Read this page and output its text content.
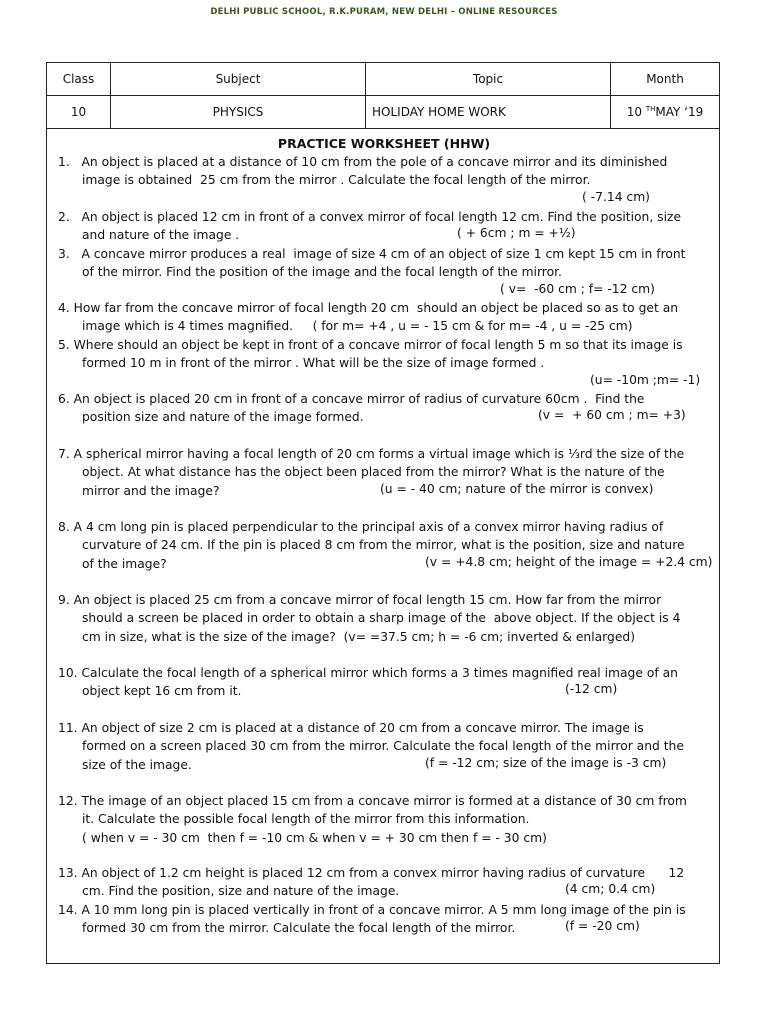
DELHI PUBLIC SCHOOL, R.K.PURAM, NEW DELHI – ONLINE RESOURCES
Class	Subject	Topic	Month
10	PHYSICS	HOLIDAY HOME WORK	10 $^{TH}$MAY ‘19
PRACTICE WORKSHEET (HHW)
1.   An object is placed at a distance of 10 cm from the pole of a concave mirror and its diminished
image is obtained  25 cm from the mirror . Calculate the focal length of the mirror.
( -7.14 cm)
2.   An object is placed 12 cm in front of a convex mirror of focal length 12 cm. Find the position, size
and nature of the image .	( + 6cm ; m = +½)
3.   A concave mirror produces a real  image of size 4 cm of an object of size 1 cm kept 15 cm in front
of the mirror. Find the position of the image and the focal length of the mirror.
( v=  -60 cm ; f= -12 cm)
4. How far from the concave mirror of focal length 20 cm  should an object be placed so as to get an
image which is 4 times magnified.     ( for m= +4 , u = - 15 cm & for m= -4 , u = -25 cm)
5. Where should an object be kept in front of a concave mirror of focal length 5 m so that its image is
formed 10 m in front of the mirror . What will be the size of image formed .
(u= -10m ;m= -1)
6. An object is placed 20 cm in front of a concave mirror of radius of curvature 60cm .  Find the
position size and nature of the image formed.	(v =  + 60 cm ; m= +3)
7. A spherical mirror having a focal length of 20 cm forms a virtual image which is ⅓rd the size of the
object. At what distance has the object been placed from the mirror? What is the nature of the
mirror and the image?	(u = - 40 cm; nature of the mirror is convex)
8. A 4 cm long pin is placed perpendicular to the principal axis of a convex mirror having radius of
curvature of 24 cm. If the pin is placed 8 cm from the mirror, what is the position, size and nature
of the image?	(v = +4.8 cm; height of the image = +2.4 cm)
9. An object is placed 25 cm from a concave mirror of focal length 15 cm. How far from the mirror
should a screen be placed in order to obtain a sharp image of the  above object. If the object is 4
cm in size, what is the size of the image?  (v= =37.5 cm; h = -6 cm; inverted & enlarged)
10. Calculate the focal length of a spherical mirror which forms a 3 times magnified real image of an
object kept 16 cm from it.	(-12 cm)
11. An object of size 2 cm is placed at a distance of 20 cm from a concave mirror. The image is
formed on a screen placed 30 cm from the mirror. Calculate the focal length of the mirror and the
size of the image.	(f = -12 cm; size of the image is -3 cm)
12. The image of an object placed 15 cm from a concave mirror is formed at a distance of 30 cm from
it. Calculate the possible focal length of the mirror from this information.
( when v = - 30 cm  then f = -10 cm & when v = + 30 cm then f = - 30 cm)
13. An object of 1.2 cm height is placed 12 cm from a convex mirror having radius of curvature      12
cm. Find the position, size and nature of the image.	(4 cm; 0.4 cm)
14. A 10 mm long pin is placed vertically in front of a concave mirror. A 5 mm long image of the pin is
formed 30 cm from the mirror. Calculate the focal length of the mirror.	(f = -20 cm)
